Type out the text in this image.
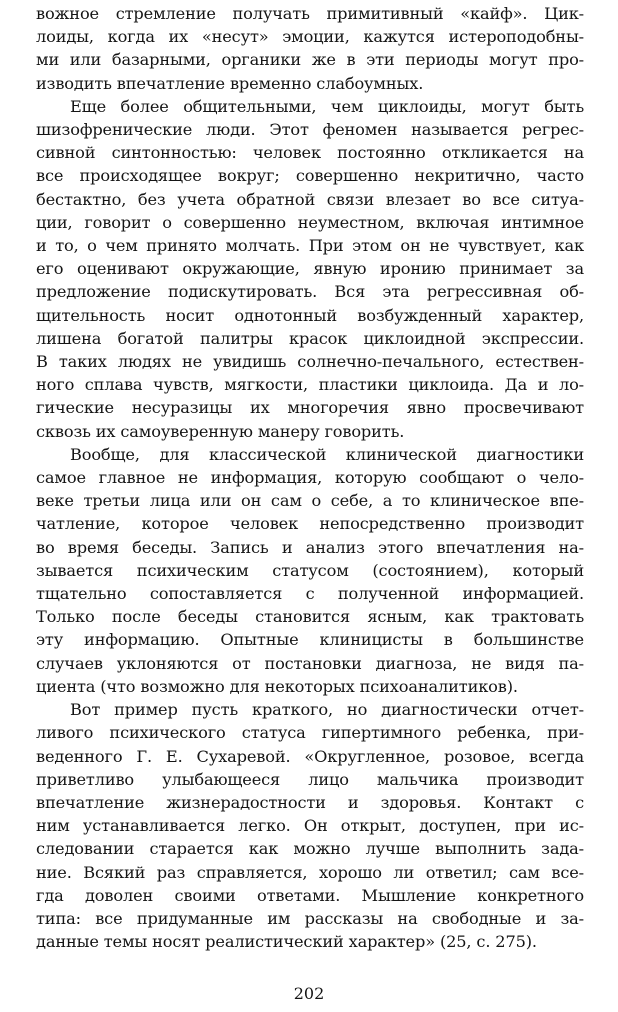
вожное стремление получать примитивный «кайф». Цик-
лоиды, когда их «несут» эмоции, кажутся истероподобны-
ми или базарными, органики же в эти периоды могут про-
изводить впечатление временно слабоумных.

Еще более общительными, чем циклоиды, могут быть
шизофренические люди. Этот феномен называется регрес-
сивной синтонностью: человек постоянно откликается на
все происходящее вокруг; совершенно некритично, часто
бестактно, без учета обратной связи влезает во все ситуа-
ции, говорит о совершенно неуместном, включая интимное
и то, о чем принято молчать. При этом он не чувствует, как
его оценивают окружающие, явную иронию принимает за
предложение подискутировать. Вся эта регрессивная об-
щительность носит однотонный возбужденный характер,
лишена богатой палитры красок циклоидной экспрессии.
В таких людях не увидишь солнечно-печального, естествен-
ного сплава чувств, мягкости, пластики циклоида. Да и ло-
гические несуразицы их многоречия явно просвечивают
сквозь их самоуверенную манеру говорить.

Вообще, для классической клинической диагностики
самое главное не информация, которую сообщают о чело-
веке третьи лица или он сам о себе, а то клиническое впе-
чатление, которое человек непосредственно производит
во время беседы. Запись и анализ этого впечатления на-
зывается психическим статусом (состоянием), который
тщательно сопоставляется с полученной информацией.
Только после беседы становится ясным, как трактовать
эту информацию. Опытные клиницисты в большинстве
случаев уклоняются от постановки диагноза, не видя па-
циента (что возможно для некоторых психоаналитиков).

Вот пример пусть краткого, но диагностически отчет-
ливого психического статуса гипертимного ребенка, при-
веденного Г. Е. Сухаревой. «Округленное, розовое, всегда
приветливо улыбающееся лицо мальчика производит
впечатление жизнерадостности и здоровья. Контакт с
ним устанавливается легко. Он открыт, доступен, при ис-
следовании старается как можно лучше выполнить зада-
ние. Всякий раз справляется, хорошо ли ответил; сам все-
гда доволен своими ответами. Мышление конкретного
типа: все придуманные им рассказы на свободные и за-
данные темы носят реалистический характер» (25, с. 275).

202
